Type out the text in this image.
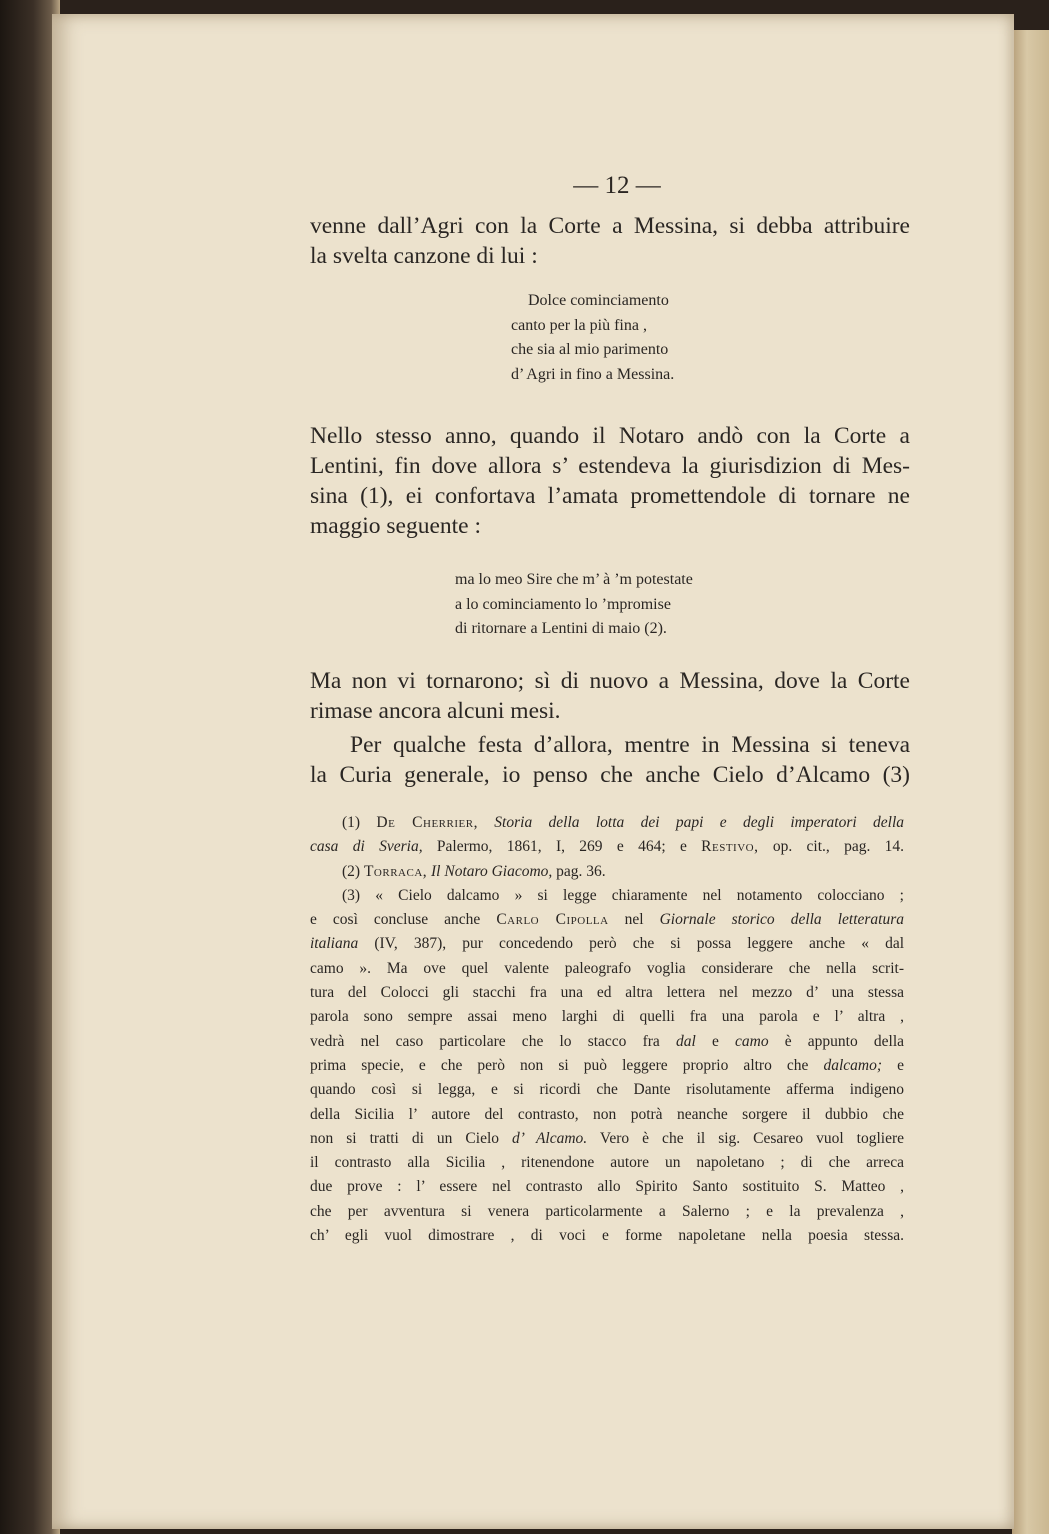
— 12 —
venne dall’Agri con la Corte a Messina, si debba attribuire
la svelta canzone di lui :
Dolce cominciamento
canto per la più fina ,
che sia al mio parimento
d’ Agri in fino a Messina.
Nello stesso anno, quando il Notaro andò con la Corte a
Lentini, fin dove allora s’ estendeva la giurisdizion di Mes-
sina (1), ei confortava l’amata promettendole di tornare ne
maggio seguente :
ma lo meo Sire che m’ à ’m potestate
a lo cominciamento lo ’mpromise
di ritornare a Lentini di maio (2).
Ma non vi tornarono; sì di nuovo a Messina, dove la Corte
rimase ancora alcuni mesi.
Per qualche festa d’allora, mentre in Messina si teneva
la Curia generale, io penso che anche Cielo d’Alcamo (3)
(1) De Cherrier, Storia della lotta dei papi e degli imperatori della
casa di Sveria, Palermo, 1861, I, 269 e 464; e Restivo, op. cit., pag. 14.
(2) Torraca, Il Notaro Giacomo, pag. 36.
(3) « Cielo dalcamo » si legge chiaramente nel notamento colocciano ;
e così concluse anche Carlo Cipolla nel Giornale storico della letteratura
italiana (IV, 387), pur concedendo però che si possa leggere anche « dal
camo ». Ma ove quel valente paleografo voglia considerare che nella scrit-
tura del Colocci gli stacchi fra una ed altra lettera nel mezzo d’ una stessa
parola sono sempre assai meno larghi di quelli fra una parola e l’ altra ,
vedrà nel caso particolare che lo stacco fra dal e camo è appunto della
prima specie, e che però non si può leggere proprio altro che dalcamo; e
quando così si legga, e si ricordi che Dante risolutamente afferma indigeno
della Sicilia l’ autore del contrasto, non potrà neanche sorgere il dubbio che
non si tratti di un Cielo d’ Alcamo. Vero è che il sig. Cesareo vuol togliere
il contrasto alla Sicilia , ritenendone autore un napoletano ; di che arreca
due prove : l’ essere nel contrasto allo Spirito Santo sostituito S. Matteo ,
che per avventura si venera particolarmente a Salerno ; e la prevalenza ,
ch’ egli vuol dimostrare , di voci e forme napoletane nella poesia stessa.
